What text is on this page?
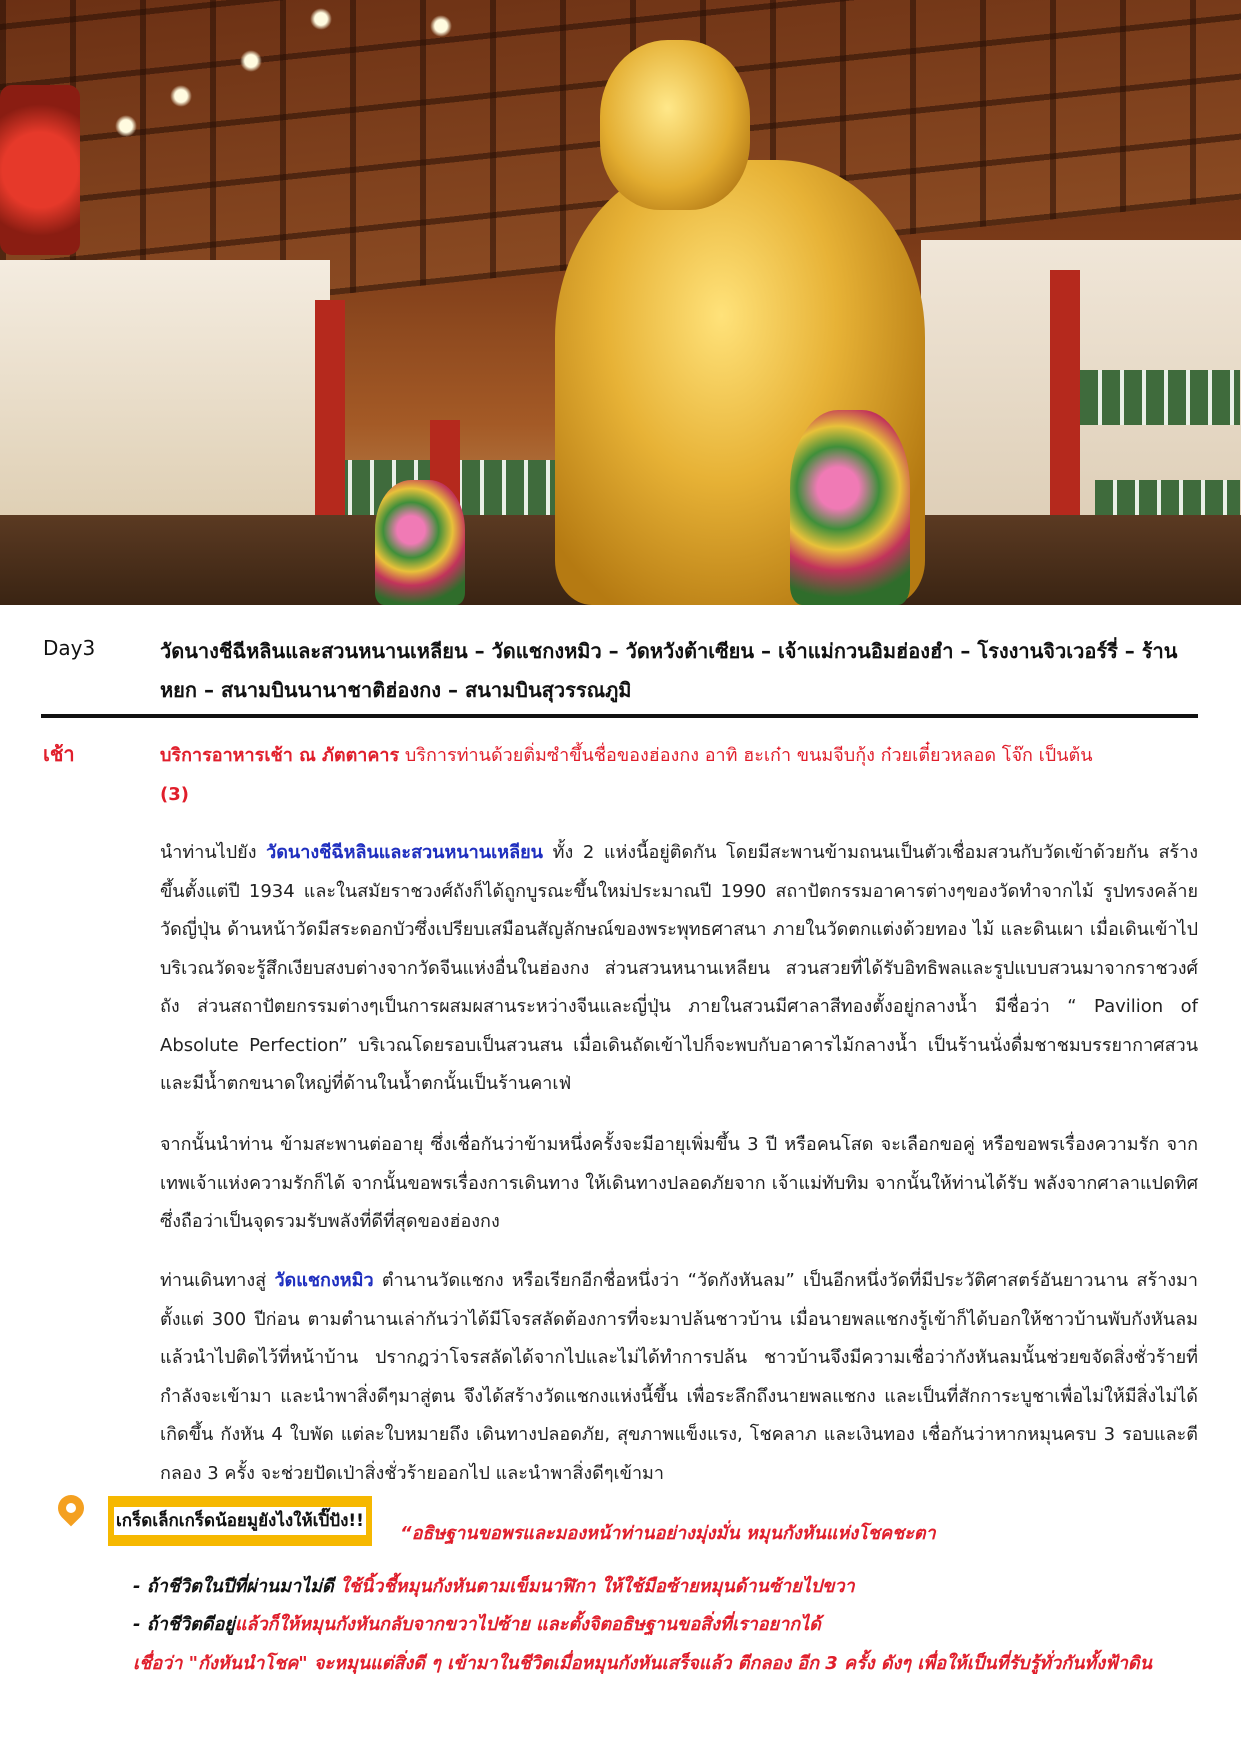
Day3	วัดนางชีฉีหลินและสวนหนานเหลียน – วัดแชกงหมิว – วัดหวังต้าเซียน – เจ้าแม่กวนอิมฮ่องฮำ – โรงงานจิวเวอร์รี่ – ร้านหยก – สนามบินนานาชาติฮ่องกง – สนามบินสุวรรณภูมิ
เช้า	บริการอาหารเช้า ณ ภัตตาคาร บริการท่านด้วยติ่มซำขึ้นชื่อของฮ่องกง อาทิ ฮะเก๋า ขนมจีบกุ้ง ก๋วยเตี๋ยวหลอด โจ๊ก เป็นต้น
(3)
นำท่านไปยัง วัดนางชีฉีหลินและสวนหนานเหลียน ทั้ง 2 แห่งนี้อยู่ติดกัน โดยมีสะพานข้ามถนนเป็นตัวเชื่อมสวนกับวัดเข้าด้วยกัน สร้างขึ้นตั้งแต่ปี 1934 และในสมัยราชวงศ์ถังก็ได้ถูกบูรณะขึ้นใหม่ประมาณปี 1990 สถาปัตกรรมอาคารต่างๆของวัดทำจากไม้ รูปทรงคล้ายวัดญี่ปุ่น ด้านหน้าวัดมีสระดอกบัวซึ่งเปรียบเสมือนสัญลักษณ์ของพระพุทธศาสนา ภายในวัดตกแต่งด้วยทอง ไม้ และดินเผา เมื่อเดินเข้าไปบริเวณวัดจะรู้สึกเงียบสงบต่างจากวัดจีนแห่งอื่นในฮ่องกง ส่วนสวนหนานเหลียน สวนสวยที่ได้รับอิทธิพลและรูปแบบสวนมาจากราชวงศ์ถัง ส่วนสถาปัตยกรรมต่างๆเป็นการผสมผสานระหว่างจีนและญี่ปุ่น ภายในสวนมีศาลาสีทองตั้งอยู่กลางน้ำ มีชื่อว่า “ Pavilion of Absolute Perfection” บริเวณโดยรอบเป็นสวนสน เมื่อเดินถัดเข้าไปก็จะพบกับอาคารไม้กลางน้ำ เป็นร้านนั่งดื่มชาชมบรรยากาศสวนและมีน้ำตกขนาดใหญ่ที่ด้านในน้ำตกนั้นเป็นร้านคาเฟ่
จากนั้นนำท่าน ข้ามสะพานต่ออายุ ซึ่งเชื่อกันว่าข้ามหนึ่งครั้งจะมีอายุเพิ่มขึ้น 3 ปี หรือคนโสด จะเลือกขอคู่ หรือขอพรเรื่องความรัก จากเทพเจ้าแห่งความรักก็ได้ จากนั้นขอพรเรื่องการเดินทาง ให้เดินทางปลอดภัยจาก เจ้าแม่ทับทิม จากนั้นให้ท่านได้รับ พลังจากศาลาแปดทิศ ซึ่งถือว่าเป็นจุดรวมรับพลังที่ดีที่สุดของฮ่องกง
ท่านเดินทางสู่ วัดแชกงหมิว ตำนานวัดแชกง หรือเรียกอีกชื่อหนึ่งว่า “วัดกังหันลม” เป็นอีกหนึ่งวัดที่มีประวัติศาสตร์อันยาวนาน สร้างมาตั้งแต่ 300 ปีก่อน ตามตำนานเล่ากันว่าได้มีโจรสลัดต้องการที่จะมาปล้นชาวบ้าน เมื่อนายพลแชกงรู้เข้าก็ได้บอกให้ชาวบ้านพับกังหันลมแล้วนำไปติดไว้ที่หน้าบ้าน ปรากฎว่าโจรสลัดได้จากไปและไม่ได้ทำการปล้น ชาวบ้านจึงมีความเชื่อว่ากังหันลมนั้นช่วยขจัดสิ่งชั่วร้ายที่กำลังจะเข้ามา และนำพาสิ่งดีๆมาสู่ตน จึงได้สร้างวัดแชกงแห่งนี้ขึ้น เพื่อระลึกถึงนายพลแชกง และเป็นที่สักการะบูชาเพื่อไม่ให้มีสิ่งไม่ได้เกิดขึ้น กังหัน 4 ใบพัด แต่ละใบหมายถึง เดินทางปลอดภัย, สุขภาพแข็งแรง, โชคลาภ และเงินทอง เชื่อกันว่าหากหมุนครบ 3 รอบและตีกลอง 3 ครั้ง จะช่วยปัดเป่าสิ่งชั่วร้ายออกไป และนำพาสิ่งดีๆเข้ามา
เกร็ดเล็กเกร็ดน้อยมูยังไงให้เปิ๊ปัง!!
“อธิษฐานขอพรและมองหน้าท่านอย่างมุ่งมั่น หมุนกังหันแห่งโชคชะตา
- ถ้าชีวิตในปีที่ผ่านมาไม่ดี ใช้นิ้วชี้หมุนกังหันตามเข็มนาฬิกา ให้ใช้มือซ้ายหมุนด้านซ้ายไปขวา
- ถ้าชีวิตดีอยู่แล้วก็ให้หมุนกังหันกลับจากขวาไปซ้าย และตั้งจิตอธิษฐานขอสิ่งที่เราอยากได้
เชื่อว่า "กังหันนำโชค" จะหมุนแต่สิ่งดี ๆ เข้ามาในชีวิตเมื่อหมุนกังหันเสร็จแล้ว ตีกลอง อีก 3 ครั้ง ดังๆ เพื่อให้เป็นที่รับรู้ทั่วกันทั้งฟ้าดิน
